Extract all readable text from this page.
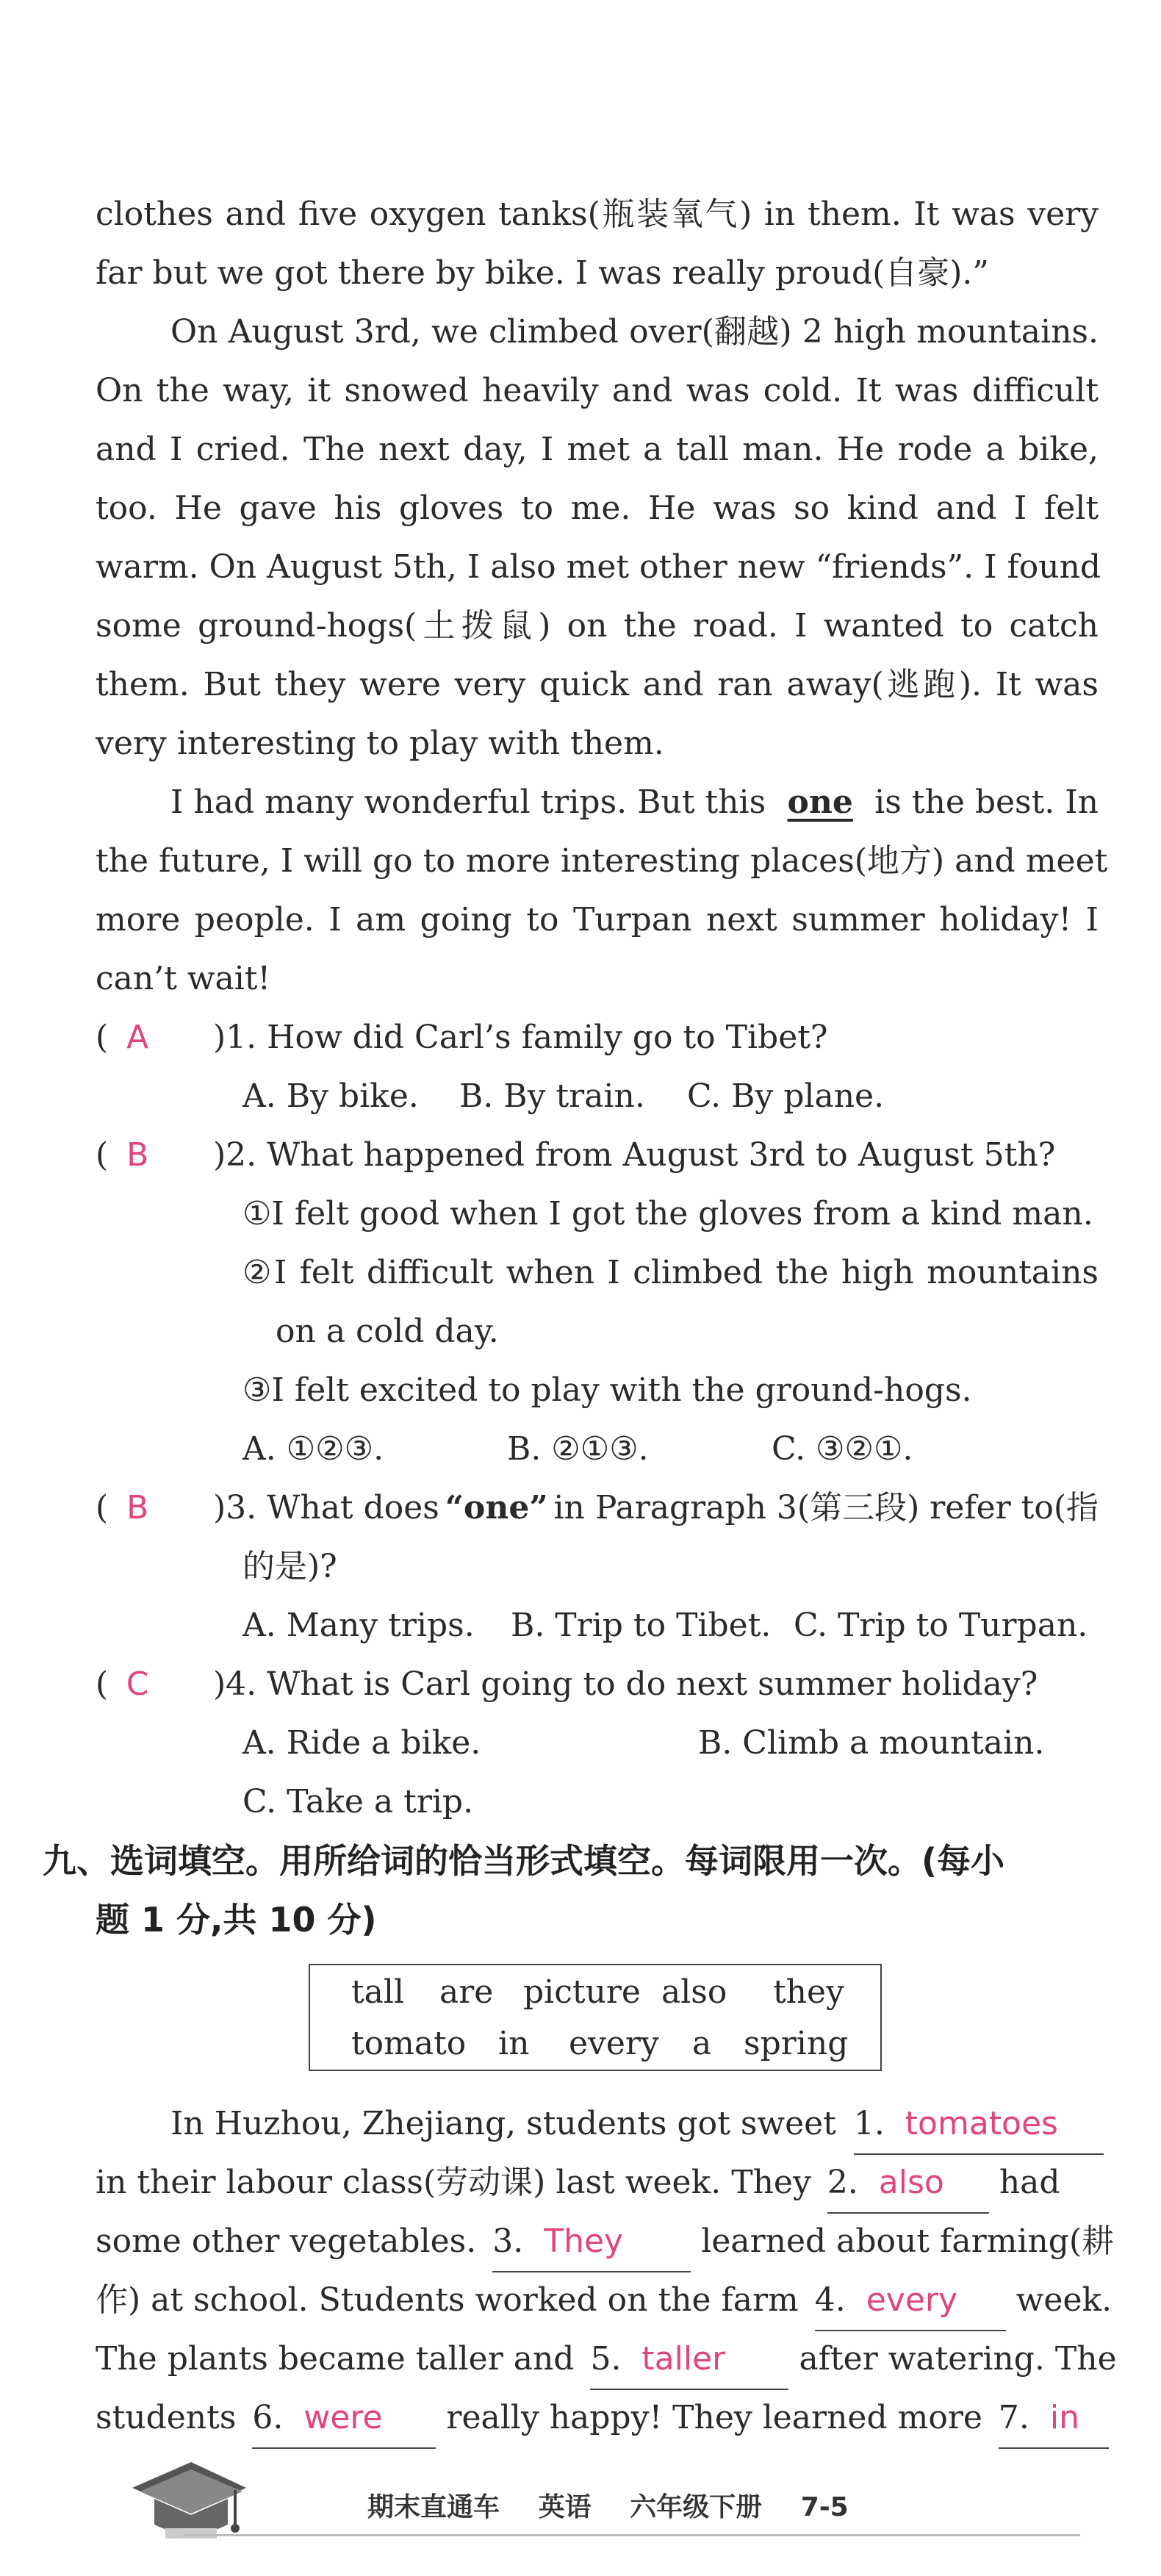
clothes and five oxygen tanks(瓶装氧气) in them. It was very
far but we got there by bike. I was really proud(自豪).”
On August 3rd, we climbed over(翻越) 2 high mountains.
On the way, it snowed heavily and was cold. It was difficult
and I cried. The next day, I met a tall man. He rode a bike,
too. He gave his gloves to me. He was so kind and I felt
warm. On August 5th, I also met other new “friends”. I found
some ground-hogs(土拨鼠) on the road. I wanted to catch
them. But they were very quick and ran away(逃跑). It was
very interesting to play with them.
I had many wonderful trips. But this one is the best. In
the future, I will go to more interesting places(地方) and meet
more people. I am going to Turpan next summer holiday! I
can’t wait!
( A )1. How did Carl’s family go to Tibet?
A. By bike. B. By train. C. By plane.
( B )2. What happened from August 3rd to August 5th?
①I felt good when I got the gloves from a kind man.
②I felt difficult when I climbed the high mountains
on a cold day.
③I felt excited to play with the ground-hogs.
A. ①②③.	B. ②①③.	C. ③②①.
( B	)3. What does “one” in Paragraph 3(第三段) refer to(指
的是)?
A. Many trips. B. Trip to Tibet. C. Trip to Turpan.
( C )4. What is Carl going to do next summer holiday?
A. Ride a bike.	B. Climb a mountain.
C. Take a trip.
九、选词填空。用所给词的恰当形式填空。每词限用一次。(每小
题 1 分,共 10 分)
tall are picture also they
tomato in every a spring
In Huzhou, Zhejiang, students got sweet 1. tomatoes
in their labour class(劳动课) last week. They 2. also had
some other vegetables. 3. They learned about farming(耕
作) at school. Students worked on the farm 4. every week.
The plants became taller and 5. taller after watering. The
students 6. were really happy! They learned more 7. in
期末直通车 英语 六年级下册 7-5
